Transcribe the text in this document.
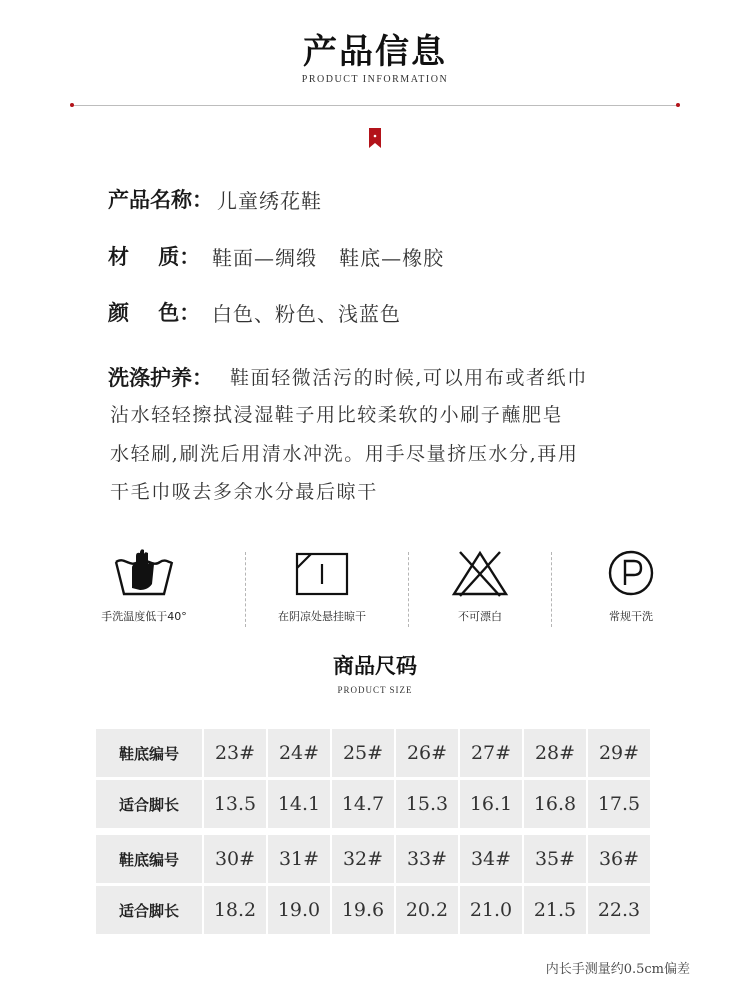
产品信息
PRODUCT INFORMATION
产品名称： 儿童绣花鞋
材    质： 鞋面—绸缎   鞋底—橡胶
颜    色： 白色、粉色、浅蓝色
洗涤护养： 鞋面轻微活污的时候,可以用布或者纸巾
沾水轻轻擦拭浸湿鞋子用比较柔软的小刷子蘸肥皂
水轻刷,刷洗后用清水冲洗。用手尽量挤压水分,再用
干毛巾吸去多余水分最后晾干
手洗温度低于40°	在阴凉处悬挂晾干	不可漂白	常规干洗
商品尺码
PRODUCT SIZE
鞋底编号	23#	24#	25#	26#	27#	28#	29#
适合脚长	13.5	14.1	14.7	15.3	16.1	16.8	17.5
鞋底编号	30#	31#	32#	33#	34#	35#	36#
适合脚长	18.2	19.0	19.6	20.2	21.0	21.5	22.3
内长手测量约0.5cm偏差
